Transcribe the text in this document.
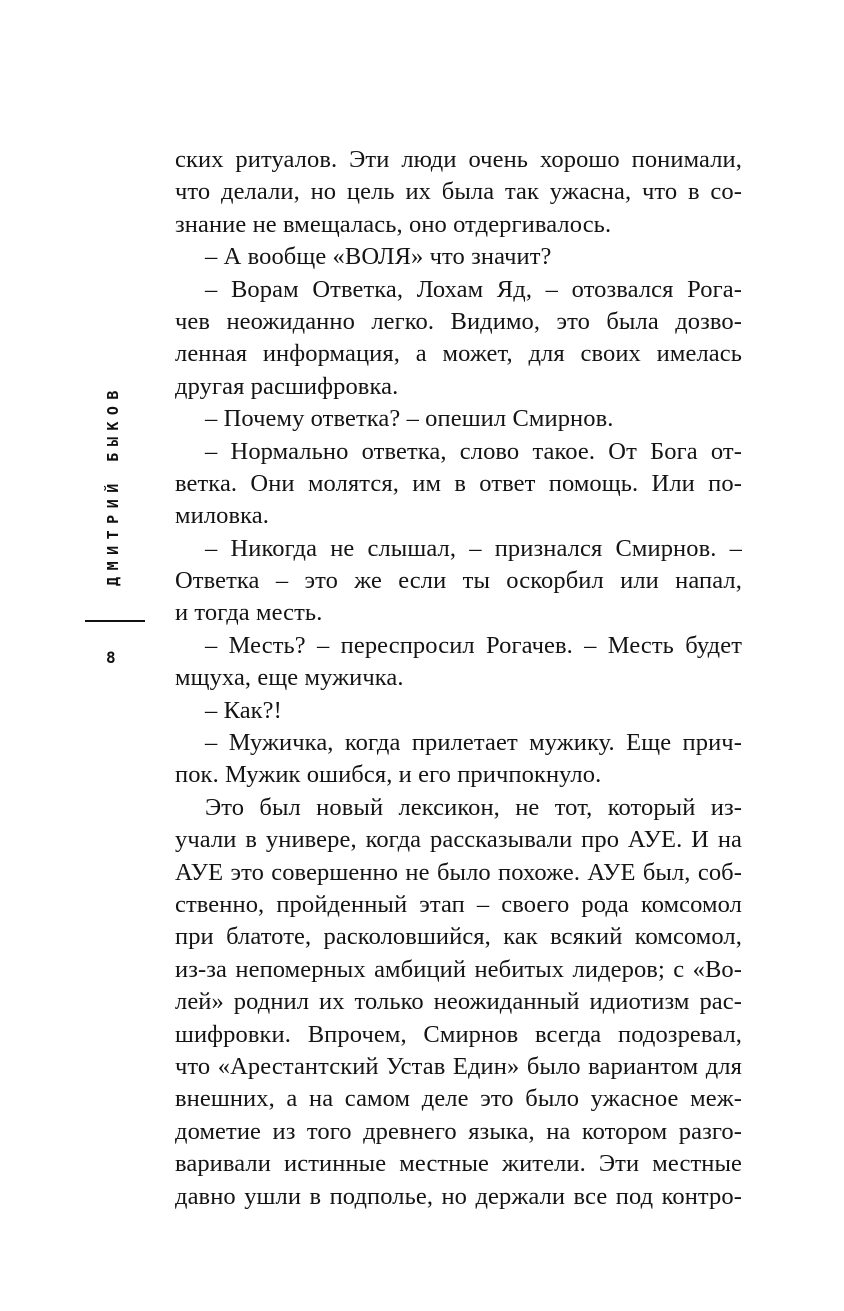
ДМИТРИЙ БЫКОВ
8
ских ритуалов. Эти люди очень хорошо понимали,
что делали, но цель их была так ужасна, что в со-
знание не вмещалась, оно отдергивалось.
– А вообще «ВОЛЯ» что значит?
– Ворам Ответка, Лохам Яд, – отозвался Рога-
чев неожиданно легко. Видимо, это была дозво-
ленная информация, а может, для своих имелась
другая расшифровка.
– Почему ответка? – опешил Смирнов.
– Нормально ответка, слово такое. От Бога от-
ветка. Они молятся, им в ответ помощь. Или по-
миловка.
– Никогда не слышал, – признался Смирнов. –
Ответка – это же если ты оскорбил или напал,
и тогда месть.
– Месть? – переспросил Рогачев. – Месть будет
мщуха, еще мужичка.
– Как?!
– Мужичка, когда прилетает мужику. Еще прич-
пок. Мужик ошибся, и его причпокнуло.
Это был новый лексикон, не тот, который из-
учали в универе, когда рассказывали про АУЕ. И на
АУЕ это совершенно не было похоже. АУЕ был, соб-
ственно, пройденный этап – своего рода комсомол
при блатоте, расколовшийся, как всякий комсомол,
из-за непомерных амбиций небитых лидеров; с «Во-
лей» роднил их только неожиданный идиотизм рас-
шифровки. Впрочем, Смирнов всегда подозревал,
что «Арестантский Устав Един» было вариантом для
внешних, а на самом деле это было ужасное меж-
дометие из того древнего языка, на котором разго-
варивали истинные местные жители. Эти местные
давно ушли в подполье, но держали все под контро-
